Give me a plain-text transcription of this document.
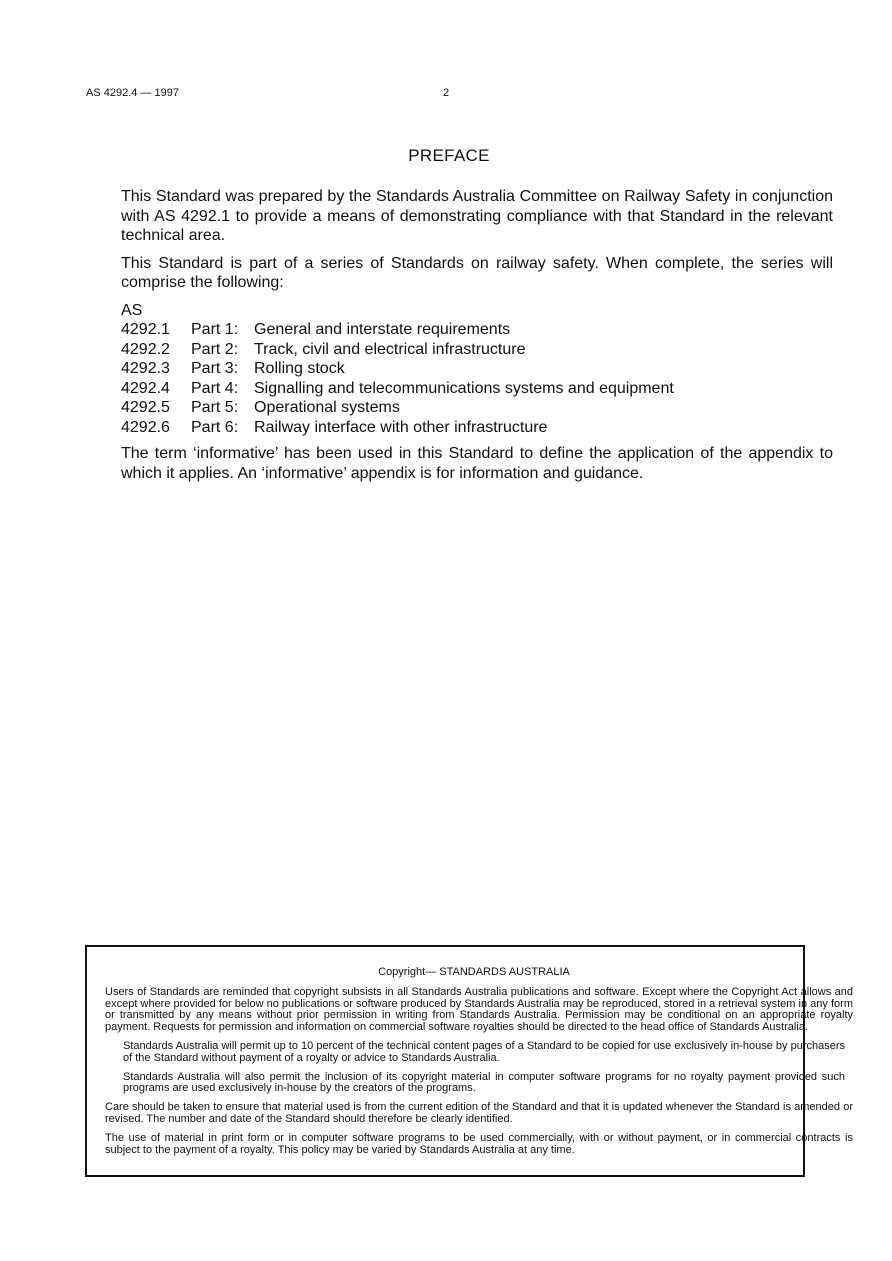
AS 4292.4 — 1997	2
PREFACE

This Standard was prepared by the Standards Australia Committee on Railway Safety in conjunction with AS 4292.1 to provide a means of demonstrating compliance with that Standard in the relevant technical area.

This Standard is part of a series of Standards on railway safety. When complete, the series will comprise the following:

AS
4292.1	Part 1: General and interstate requirements
4292.2	Part 2: Track, civil and electrical infrastructure
4292.3	Part 3: Rolling stock
4292.4	Part 4: Signalling and telecommunications systems and equipment
4292.5	Part 5: Operational systems
4292.6	Part 6: Railway interface with other infrastructure

The term ‘informative’ has been used in this Standard to define the application of the appendix to which it applies. An ‘informative’ appendix is for information and guidance.

Copyright— STANDARDS AUSTRALIA

Users of Standards are reminded that copyright subsists in all Standards Australia publications and software. Except where the Copyright Act allows and except where provided for below no publications or software produced by Standards Australia may be reproduced, stored in a retrieval system in any form or transmitted by any means without prior permission in writing from Standards Australia. Permission may be conditional on an appropriate royalty payment. Requests for permission and information on commercial software royalties should be directed to the head office of Standards Australia.

Standards Australia will permit up to 10 percent of the technical content pages of a Standard to be copied for use exclusively in-house by purchasers of the Standard without payment of a royalty or advice to Standards Australia.

Standards Australia will also permit the inclusion of its copyright material in computer software programs for no royalty payment provided such programs are used exclusively in-house by the creators of the programs.

Care should be taken to ensure that material used is from the current edition of the Standard and that it is updated whenever the Standard is amended or revised. The number and date of the Standard should therefore be clearly identified.

The use of material in print form or in computer software programs to be used commercially, with or without payment, or in commercial contracts is subject to the payment of a royalty. This policy may be varied by Standards Australia at any time.
